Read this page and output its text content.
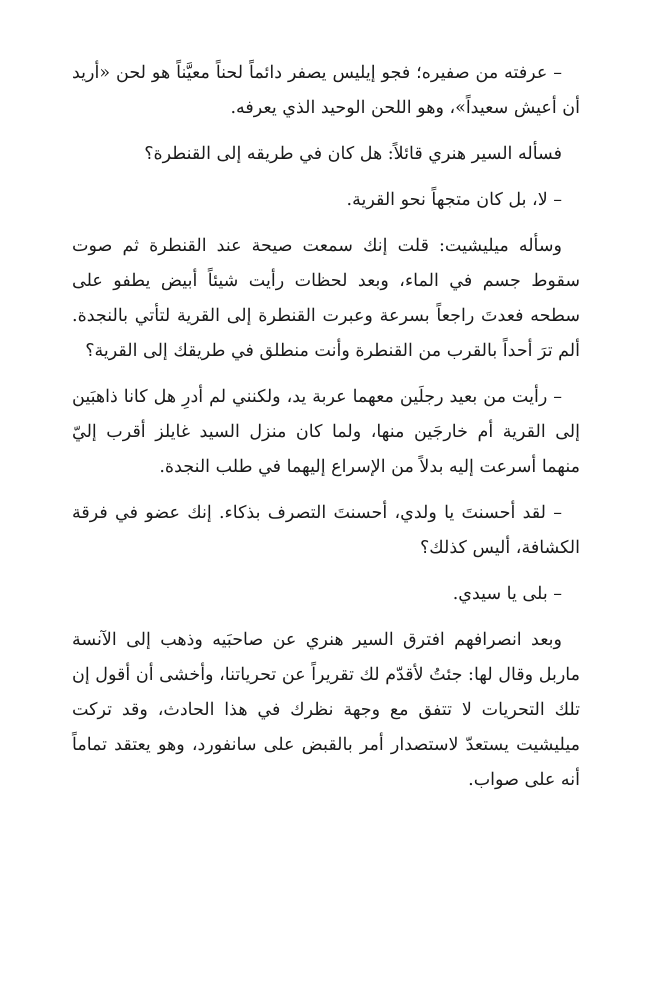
– عرفته من صفيره؛ فجو إيليس يصفر دائماً لحناً معيَّناً هو لحن «أريد أن أعيش سعيداً»، وهو اللحن الوحيد الذي يعرفه.

فسأله السير هنري قائلاً: هل كان في طريقه إلى القنطرة؟

– لا، بل كان متجهاً نحو القرية.

وسأله ميليشيت: قلت إنك سمعت صيحة عند القنطرة ثم صوت سقوط جسم في الماء، وبعد لحظات رأيت شيئاً أبيض يطفو على سطحه فعدتَ راجعاً بسرعة وعبرت القنطرة إلى القرية لتأتي بالنجدة. ألم ترَ أحداً بالقرب من القنطرة وأنت منطلق في طريقك إلى القرية؟

– رأيت من بعيد رجلَين معهما عربة يد، ولكنني لم أدرِ هل كانا ذاهبَين إلى القرية أم خارجَين منها، ولما كان منزل السيد غايلز أقرب إليّ منهما أسرعت إليه بدلاً من الإسراع إليهما في طلب النجدة.

– لقد أحسنتَ يا ولدي، أحسنتَ التصرف بذكاء. إنك عضو في فرقة الكشافة، أليس كذلك؟

– بلى يا سيدي.

وبعد انصرافهم افترق السير هنري عن صاحبَيه وذهب إلى الآنسة ماربل وقال لها: جئتُ لأقدّم لك تقريراً عن تحرياتنا، وأخشى أن أقول إن تلك التحريات لا تتفق مع وجهة نظرك في هذا الحادث، وقد تركت ميليشيت يستعدّ لاستصدار أمر بالقبض على سانفورد، وهو يعتقد تماماً أنه على صواب.
